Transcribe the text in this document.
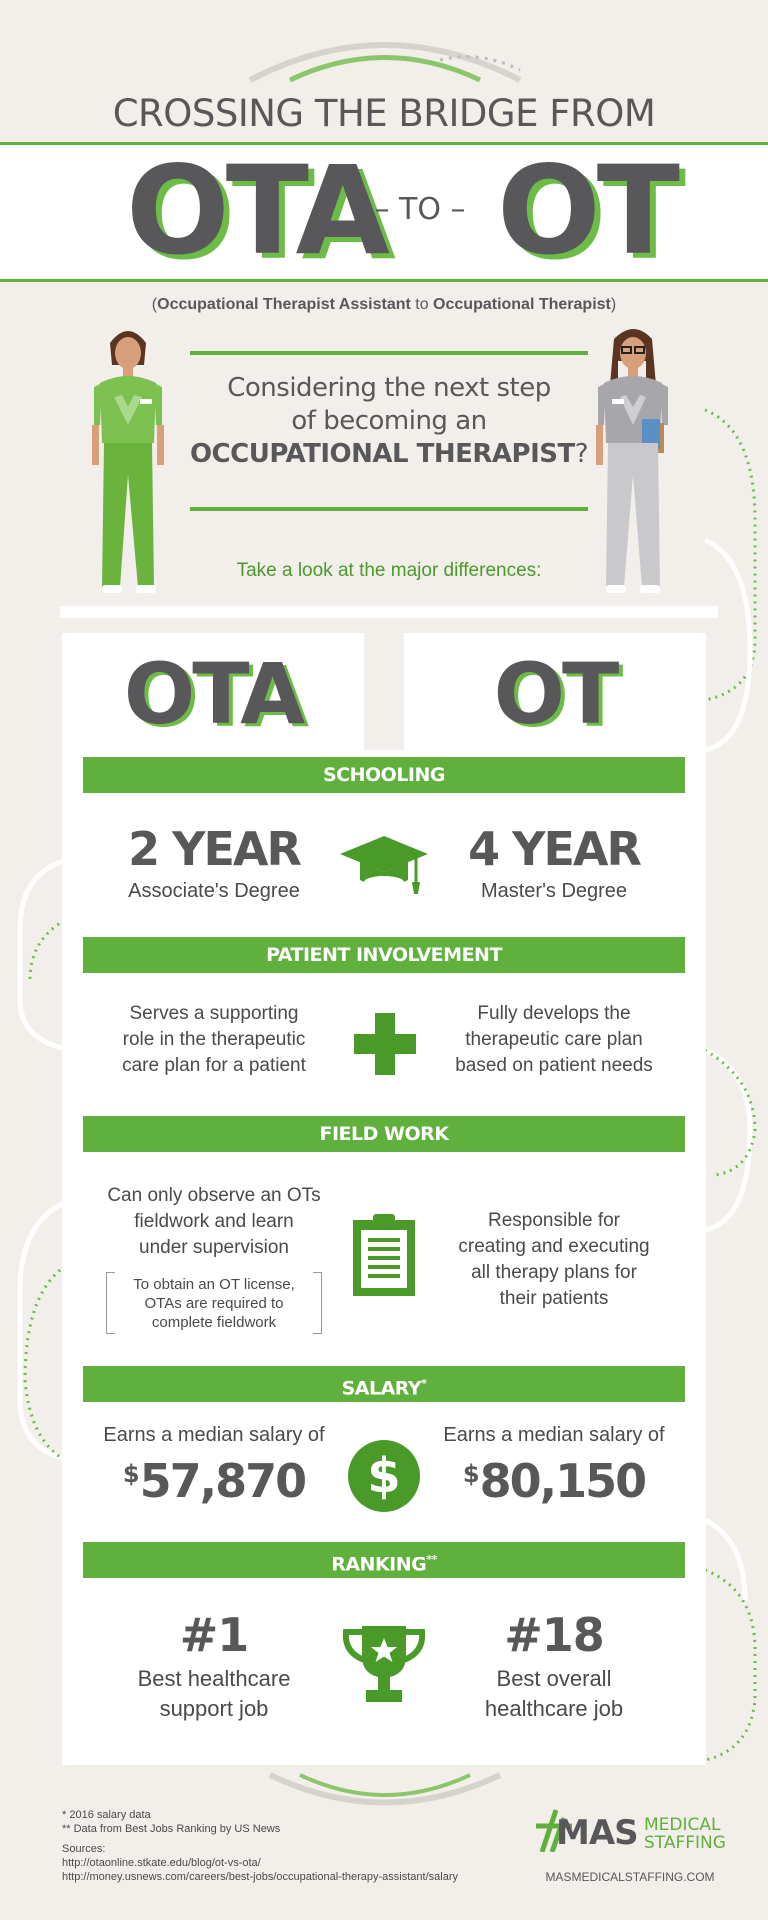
CROSSING THE BRIDGE FROM
OTA
– TO – OT
(Occupational Therapist Assistant to Occupational Therapist)
Considering the next step
of becoming an
OCCUPATIONAL THERAPIST?
Take a look at the major differences:
OTA	OT
SCHOOLING
2 YEAR
Associate's Degree
4 YEAR
Master's Degree
PATIENT INVOLVEMENT
Serves a supporting
role in the therapeutic
care plan for a patient
Fully develops the
therapeutic care plan
based on patient needs
FIELD WORK
Can only observe an OTs
fieldwork and learn
under supervision
To obtain an OT license,
OTAs are required to
complete fieldwork
Responsible for
creating and executing
all therapy plans for
their patients
SALARY*
Earns a median salary of
$57,870
Earns a median salary of
$80,150
$
RANKING**
#1
Best healthcare
support job
#18
Best overall
healthcare job
* 2016 salary data
** Data from Best Jobs Ranking by US News
Sources:
http://otaonline.stkate.edu/blog/ot-vs-ota/
http://money.usnews.com/careers/best-jobs/occupational-therapy-assistant/salary
MAS MEDICAL
STAFFING
MASMEDICALSTAFFING.COM
